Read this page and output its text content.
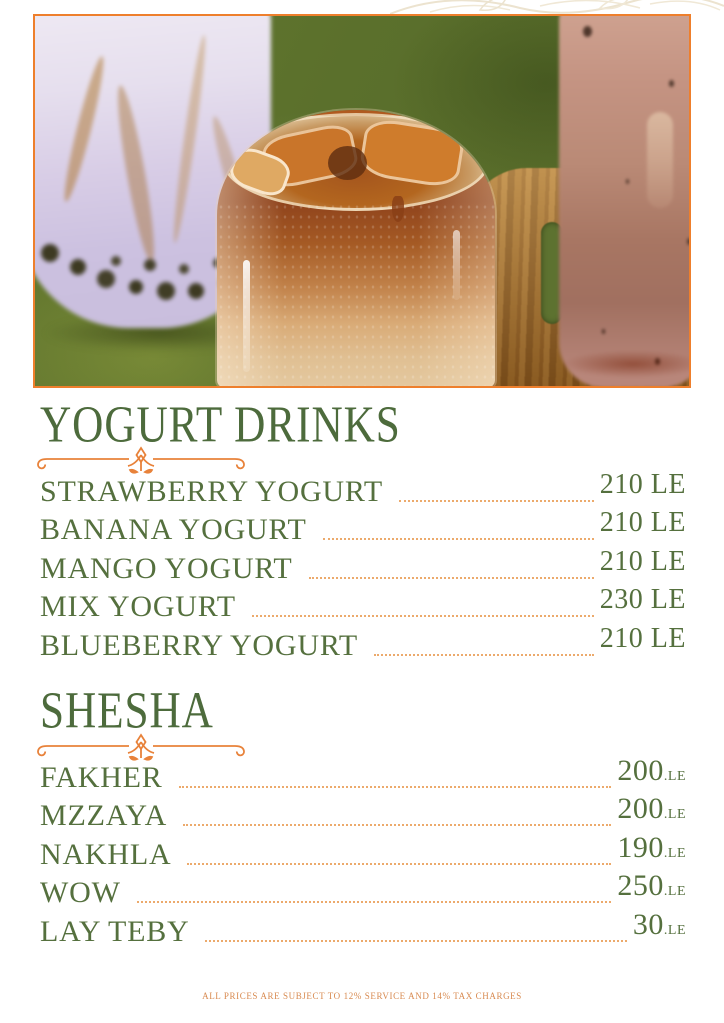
YOGURT DRINKS
STRAWBERRY YOGURT	210 LE
BANANA YOGURT	210 LE
MANGO YOGURT	210 LE
MIX YOGURT	230 LE
BLUEBERRY YOGURT	210 LE
SHESHA
FAKHER	200.LE
MZZAYA	200.LE
NAKHLA	190.LE
WOW	250.LE
LAY TEBY	30.LE
ALL PRICES ARE SUBJECT TO 12% SERVICE AND 14% TAX CHARGES
